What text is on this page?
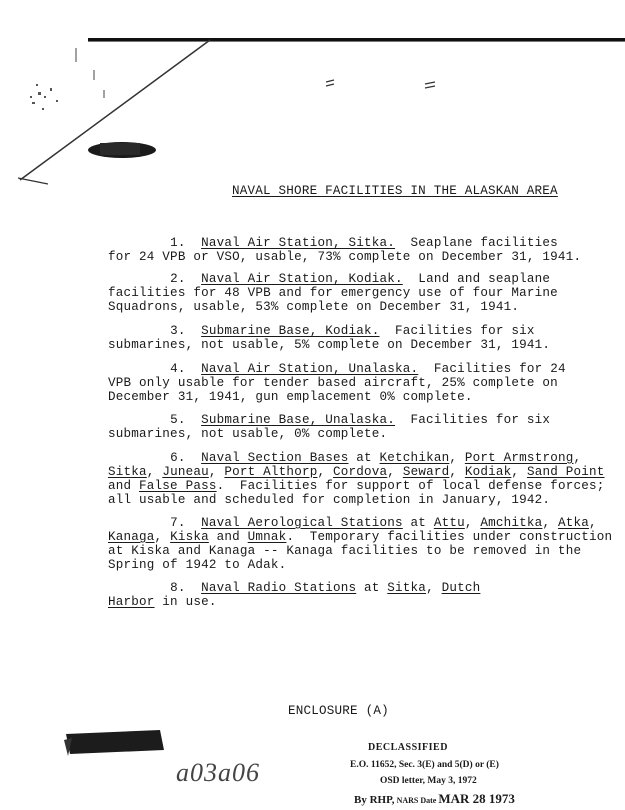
NAVAL SHORE FACILITIES IN THE ALASKAN AREA
1. Naval Air Station, Sitka.  Seaplane facilities
for 24 VPB or VSO, usable, 73% complete on December 31, 1941.
2. Naval Air Station, Kodiak.  Land and seaplane
facilities for 48 VPB and for emergency use of four Marine
Squadrons, usable, 53% complete on December 31, 1941.
3. Submarine Base, Kodiak.  Facilities for six
submarines, not usable, 5% complete on December 31, 1941.
4. Naval Air Station, Unalaska.  Facilities for 24
VPB only usable for tender based aircraft, 25% complete on
December 31, 1941, gun emplacement 0% complete.
5. Submarine Base, Unalaska.  Facilities for six
submarines, not usable, 0% complete.
6. Naval Section Bases at Ketchikan, Port Armstrong,
Sitka, Juneau, Port Althorp, Cordova, Seward, Kodiak, Sand Point
and False Pass.  Facilities for support of local defense forces;
all usable and scheduled for completion in January, 1942.
7. Naval Aerological Stations at Attu, Amchitka, Atka,
Kanaga, Kiska and Umnak.  Temporary facilities under construction
at Kiska and Kanaga -- Kanaga facilities to be removed in the
Spring of 1942 to Adak.
8. Naval Radio Stations at Sitka, Dutch
Harbor in use.
ENCLOSURE (A)
a03a06
DECLASSIFIED
E.O. 11652, Sec. 3(E) and 5(D) or (E)
OSD letter, May 3, 1972
By RHP, NARS Date MAR 28 1973
